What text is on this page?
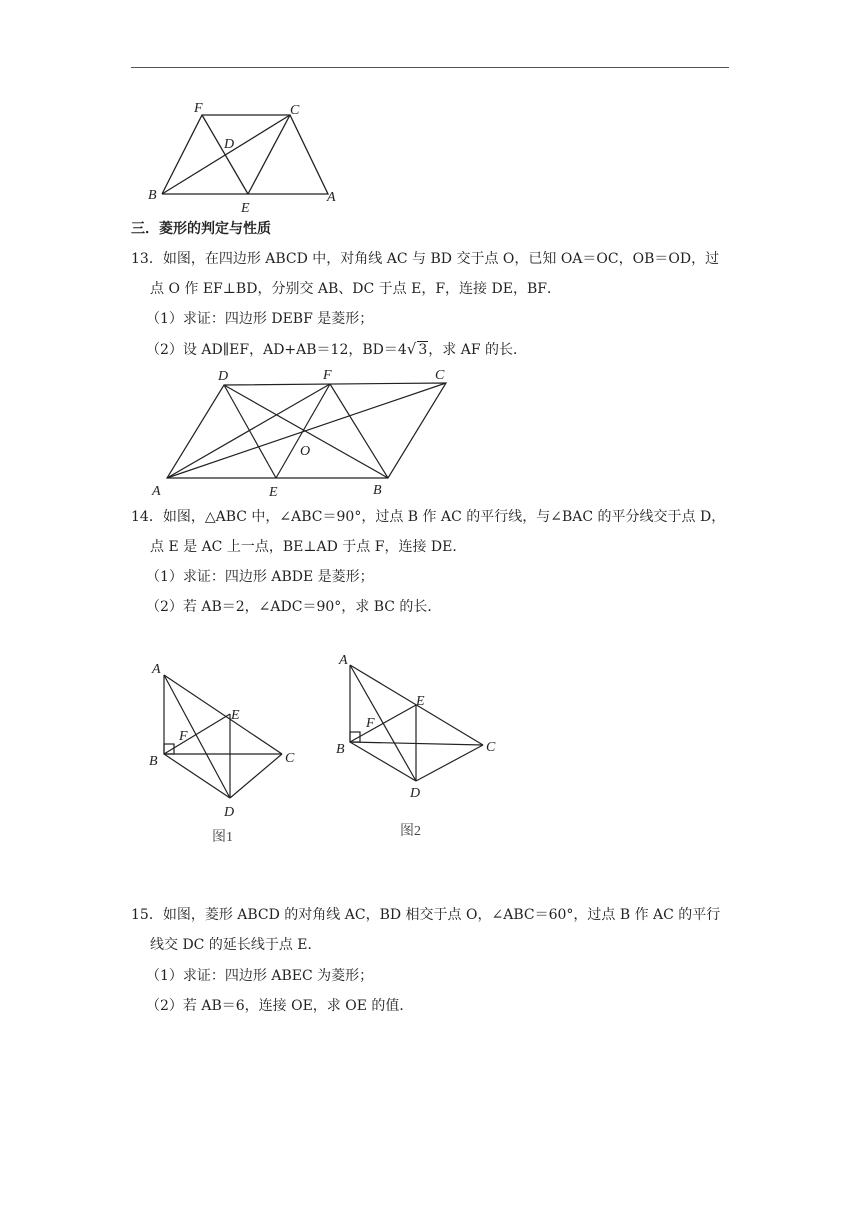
F	C
D
B
E
A
三．菱形的判定与性质
13．如图，在四边形 ABCD 中，对角线 AC 与 BD 交于点 O，已知 OA＝OC，OB＝OD，过
点 O 作 EF⊥BD，分别交 AB、DC 于点 E，F，连接 DE，BF．
（1）求证：四边形 DEBF 是菱形；
（2）设 AD∥EF，AD+AB＝12，BD＝4√ 3，求 AF 的长．
D	F	C
O
A	E	B
14．如图，△ABC 中，∠ABC＝90°，过点 B 作 AC 的平行线，与∠BAC 的平分线交于点 D，
点 E 是 AC 上一点，BE⊥AD 于点 F，连接 DE．
（1）求证：四边形 ABDE 是菱形；
（2）若 AB＝2，∠ADC＝90°，求 BC 的长．
A
E
F
B	C
D
图1
A
E
F
B	C
D
图2
15．如图，菱形 ABCD 的对角线 AC，BD 相交于点 O，∠ABC＝60°，过点 B 作 AC 的平行
线交 DC 的延长线于点 E．
（1）求证：四边形 ABEC 为菱形；
（2）若 AB＝6，连接 OE，求 OE 的值．
